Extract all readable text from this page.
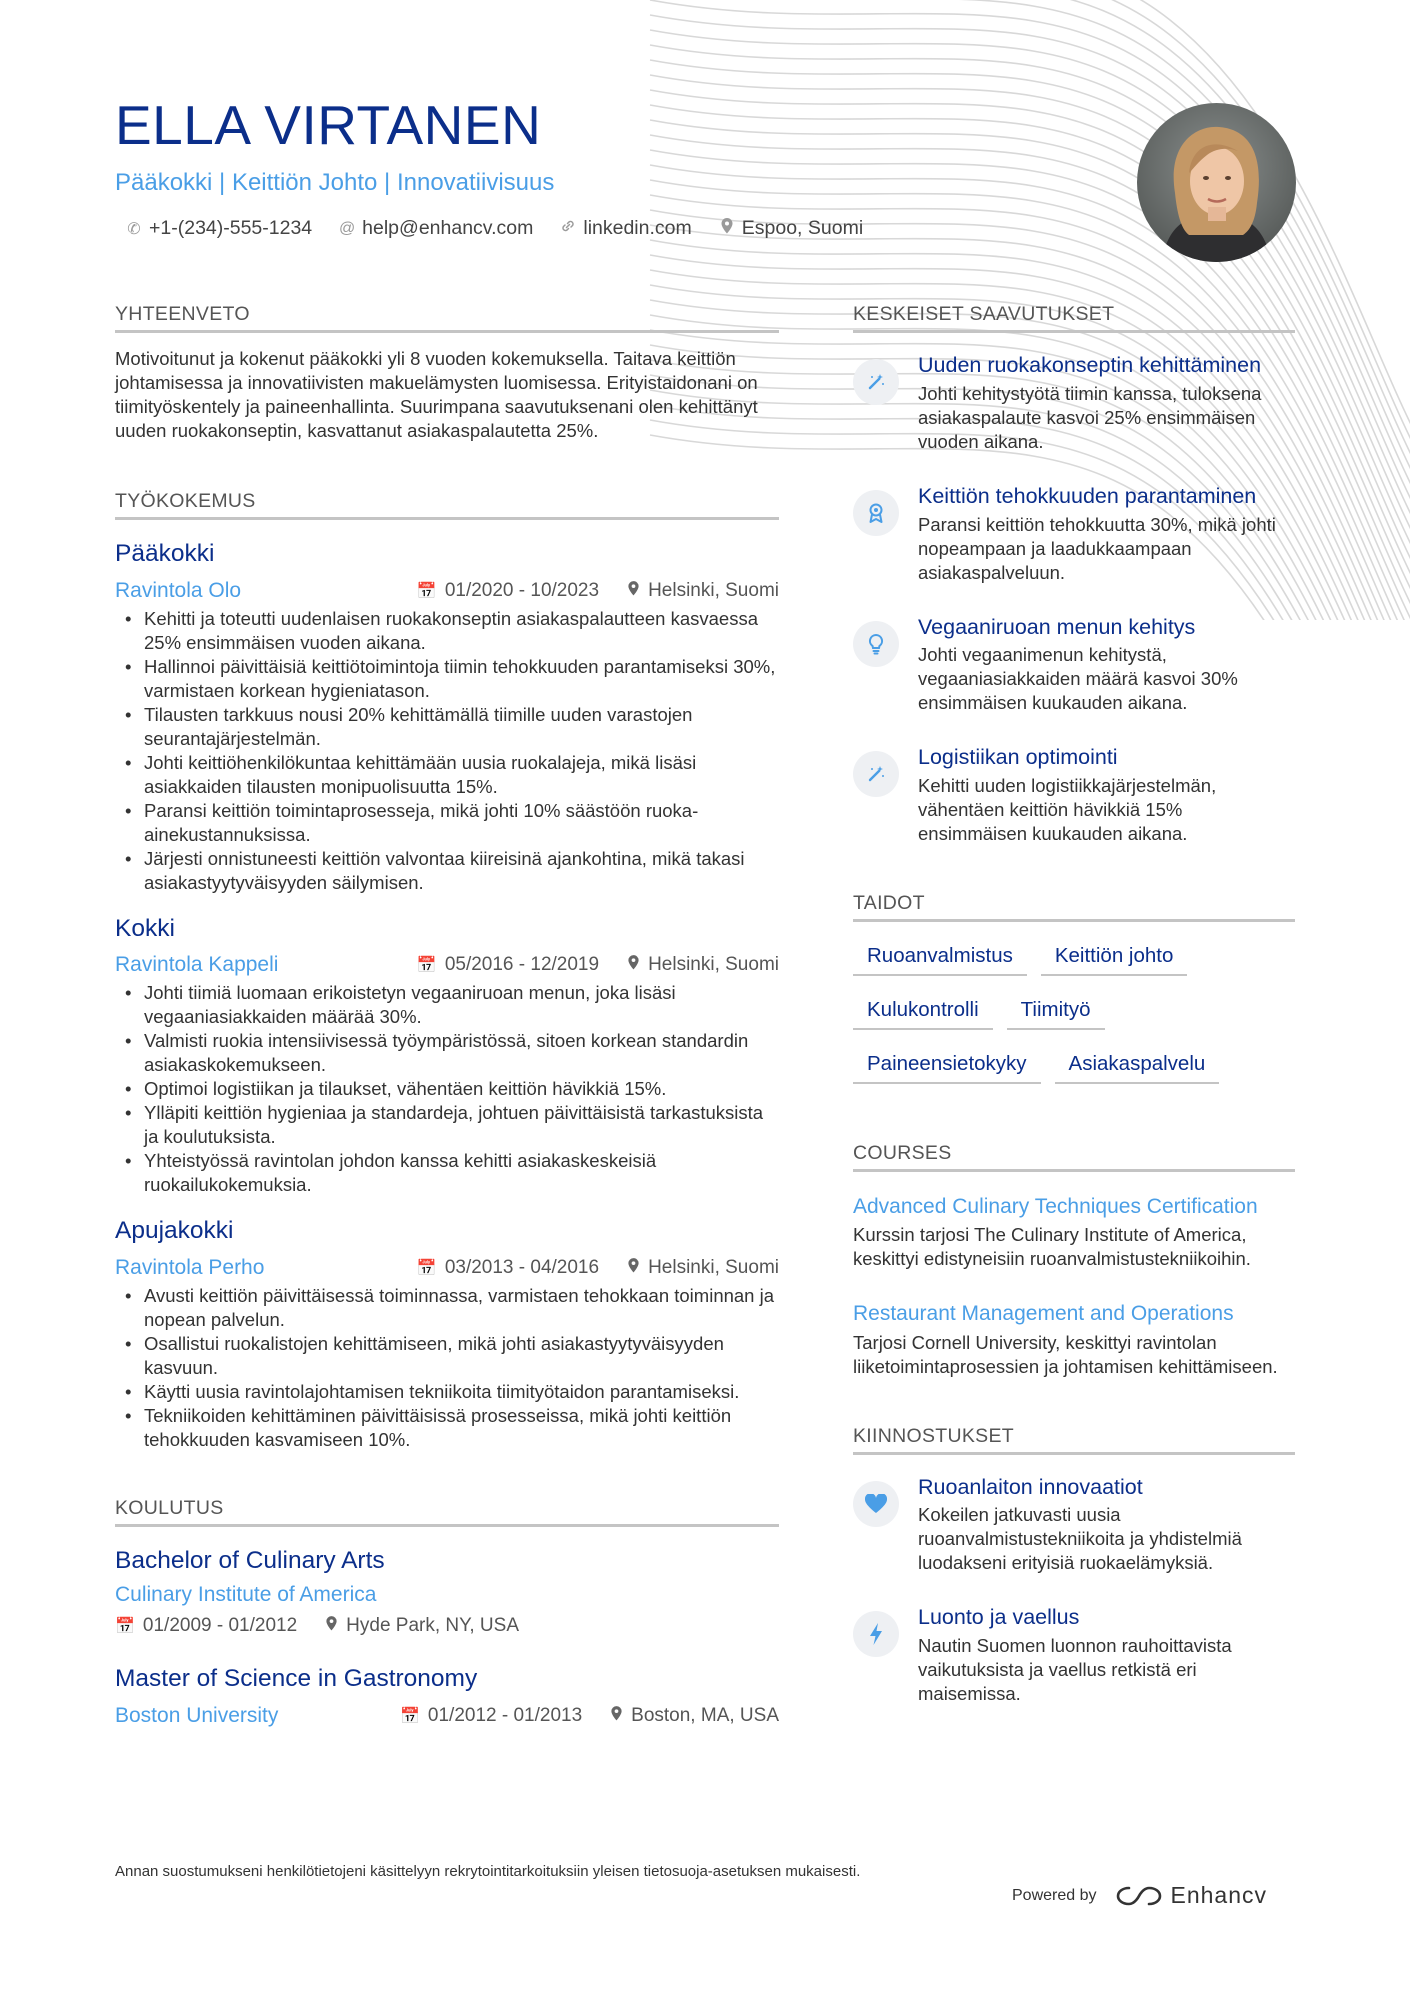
ELLA VIRTANEN
Pääkokki | Keittiön Johto | Innovatiivisuus
✆ +1-(234)-555-1234 @ help@enhancv.com	linkedin.com	Espoo, Suomi
YHTEENVETO
Motivoitunut ja kokenut pääkokki yli 8 vuoden kokemuksella. Taitava keittiön johtamisessa ja innovatiivisten makuelämysten luomisessa. Erityistaidonani on tiimityöskentely ja paineenhallinta. Suurimpana saavutuksenani olen kehittänyt uuden ruokakonseptin, kasvattanut asiakaspalautetta 25%.
TYÖKOKEMUS
Pääkokki
Ravintola Olo	📅 01/2020 - 10/2023	Helsinki, Suomi
• Kehitti ja toteutti uudenlaisen ruokakonseptin asiakaspalautteen kasvaessa 25% ensimmäisen vuoden aikana.
• Hallinnoi päivittäisiä keittiötoimintoja tiimin tehokkuuden parantamiseksi 30%, varmistaen korkean hygieniatason.
• Tilausten tarkkuus nousi 20% kehittämällä tiimille uuden varastojen seurantajärjestelmän.
• Johti keittiöhenkilökuntaa kehittämään uusia ruokalajeja, mikä lisäsi asiakkaiden tilausten monipuolisuutta 15%.
• Paransi keittiön toimintaprosesseja, mikä johti 10% säästöön ruoka-ainekustannuksissa.
• Järjesti onnistuneesti keittiön valvontaa kiireisinä ajankohtina, mikä takasi asiakastyytyväisyyden säilymisen.
Kokki
Ravintola Kappeli	📅 05/2016 - 12/2019	Helsinki, Suomi
• Johti tiimiä luomaan erikoistetyn vegaaniruoan menun, joka lisäsi vegaaniasiakkaiden määrää 30%.
• Valmisti ruokia intensiivisessä työympäristössä, sitoen korkean standardin asiakaskokemukseen.
• Optimoi logistiikan ja tilaukset, vähentäen keittiön hävikkiä 15%.
• Ylläpiti keittiön hygieniaa ja standardeja, johtuen päivittäisistä tarkastuksista ja koulutuksista.
• Yhteistyössä ravintolan johdon kanssa kehitti asiakaskeskeisiä ruokailukokemuksia.
Apujakokki
Ravintola Perho	📅 03/2013 - 04/2016	Helsinki, Suomi
• Avusti keittiön päivittäisessä toiminnassa, varmistaen tehokkaan toiminnan ja nopean palvelun.
• Osallistui ruokalistojen kehittämiseen, mikä johti asiakastyytyväisyyden kasvuun.
• Käytti uusia ravintolajohtamisen tekniikoita tiimityötaidon parantamiseksi.
• Tekniikoiden kehittäminen päivittäisissä prosesseissa, mikä johti keittiön tehokkuuden kasvamiseen 10%.
KOULUTUS
Bachelor of Culinary Arts
Culinary Institute of America
📅 01/2009 - 01/2012	Hyde Park, NY, USA
Master of Science in Gastronomy
Boston University	📅 01/2012 - 01/2013	Boston, MA, USA
KESKEISET SAAVUTUKSET
Uuden ruokakonseptin kehittäminen
Johti kehitystyötä tiimin kanssa, tuloksena asiakaspalaute kasvoi 25% ensimmäisen vuoden aikana.
Keittiön tehokkuuden parantaminen
Paransi keittiön tehokkuutta 30%, mikä johti nopeampaan ja laadukkaampaan asiakaspalveluun.
Vegaaniruoan menun kehitys
Johti vegaanimenun kehitystä, vegaaniasiakkaiden määrä kasvoi 30% ensimmäisen kuukauden aikana.
Logistiikan optimointi
Kehitti uuden logistiikkajärjestelmän, vähentäen keittiön hävikkiä 15% ensimmäisen kuukauden aikana.
TAIDOT
Ruoanvalmistus	Keittiön johto
Kulukontrolli	Tiimityö
Paineensietokyky	Asiakaspalvelu
COURSES
Advanced Culinary Techniques Certification
Kurssin tarjosi The Culinary Institute of America, keskittyi edistyneisiin ruoanvalmistustekniikoihin.
Restaurant Management and Operations
Tarjosi Cornell University, keskittyi ravintolan liiketoimintaprosessien ja johtamisen kehittämiseen.
KIINNOSTUKSET
Ruoanlaiton innovaatiot
Kokeilen jatkuvasti uusia ruoanvalmistustekniikoita ja yhdistelmiä luodakseni erityisiä ruokaelämyksiä.
Luonto ja vaellus
Nautin Suomen luonnon rauhoittavista vaikutuksista ja vaellus retkistä eri maisemissa.
Annan suostumukseni henkilötietojeni käsittelyyn rekrytointitarkoituksiin yleisen tietosuoja-asetuksen mukaisesti.
Powered by	Enhancv
